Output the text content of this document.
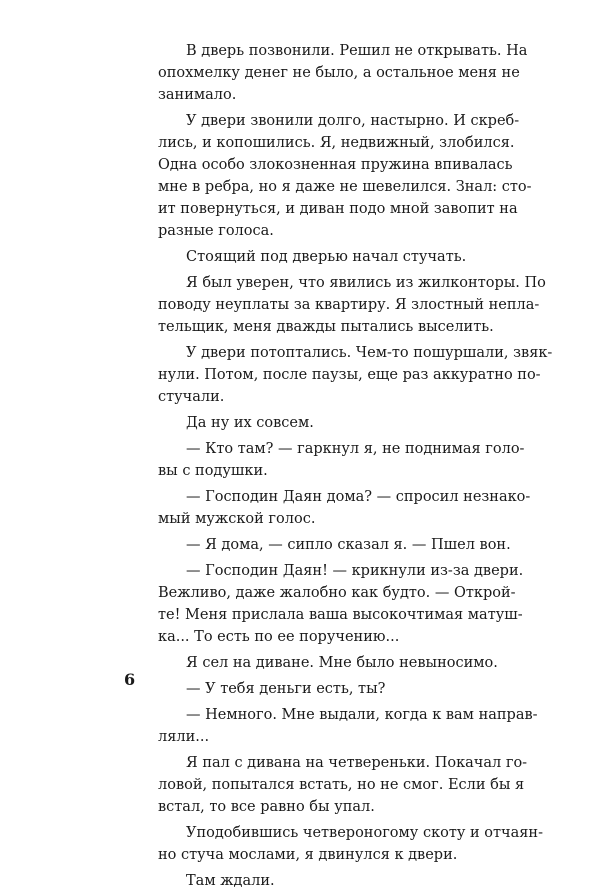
В дверь позвонили. Решил не открывать. На
опохмелку денег не было, а остальное меня не
занимало.
У двери звонили долго, настырно. И скреб-
лись, и копошились. Я, недвижный, злобился.
Одна особо злокозненная пружина впивалась
мне в ребра, но я даже не шевелился. Знал: сто-
ит повернуться, и диван подо мной завопит на
разные голоса.
Стоящий под дверью начал стучать.
Я был уверен, что явились из жилконторы. По
поводу неуплаты за квартиру. Я злостный непла-
тельщик, меня дважды пытались выселить.
У двери потоптались. Чем-то пошуршали, звяк-
нули. Потом, после паузы, еще раз аккуратно по-
стучали.
Да ну их совсем.
— Кто там? — гаркнул я, не поднимая голо-
вы с подушки.
— Господин Даян дома? — спросил незнако-
мый мужской голос.
— Я дома, — сипло сказал я. — Пшел вон.
— Господин Даян! — крикнули из-за двери.
Вежливо, даже жалобно как будто. — Открой-
те! Меня прислала ваша высокочтимая матуш-
ка... То есть по ее поручению...
Я сел на диване. Мне было невыносимо.
— У тебя деньги есть, ты?
— Немного. Мне выдали, когда к вам направ-
ляли...
Я пал с дивана на четвереньки. Покачал го-
ловой, попытался встать, но не смог. Если бы я
встал, то все равно бы упал.
Уподобившись четвероногому скоту и отчаян-
но стуча мослами, я двинулся к двери.
Там ждали.
6
